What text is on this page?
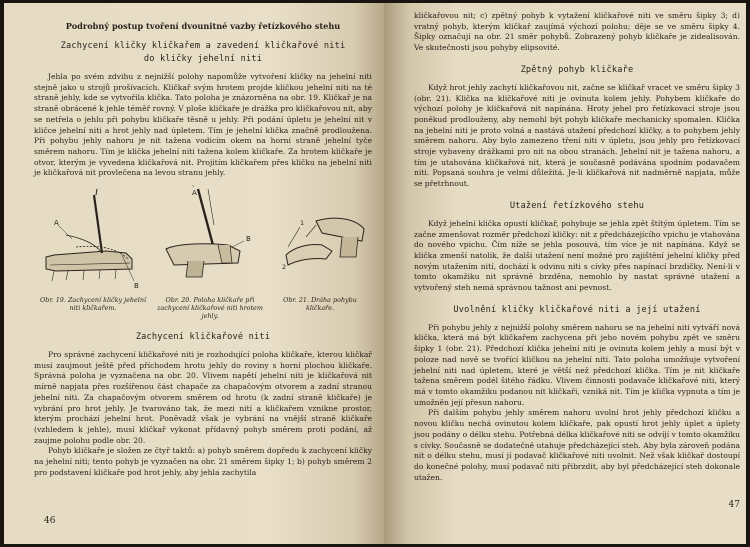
Podrobný postup tvoření dvounitné vazby řetízkového stehu
Zachycení kličky kličkařem a zavedení kličkařové niti
do kličky jehelní niti

Jehla po svém zdvihu z nejnižší polohy napomůže vytvoření kličky na jehelní niti stejně jako u strojů prošívacích. Kličkař svým hrotem projde kličkou jehelní niti na té straně jehly, kde se vytvořila klička. Tato poloha je znázorněna na obr. 19. Kličkař je na straně obrácené k jehle téměř rovný. V ploše kličkaře je drážka pro kličkařovou nit, aby se netřela o jehlu při pohybu kličkaře těsně u jehly. Při podání úpletu je jehelní nit v kličce jehelní niti a hrot jehly nad úpletem. Tím je jehelní klička značně prodloužena. Při pohybu jehly nahoru je nit tažena vodicím okem na horní straně jehelní tyče směrem nahoru. Tím je klička jehelní niti tažena kolem kličkaře. Za hrotem kličkaře je otvor, kterým je vyvedena kličkařová nit. Projitím kličkařem přes kličku na jehelní niti je kličkařová nit provlečena na levou stranu jehly.

A
B
A
B
1
2
Obr. 19. Zachycení kličky jehelní niti kličkařem.
Obr. 20. Poloha kličkaře při zachycení kličkařové niti hrotem jehly.
Obr. 21. Dráha pohybu kličkaře.
Zachycení kličkařové niti

Pro správné zachycení kličkařové niti je rozhodující poloha kličkaře, kterou kličkař musí zaujmout ještě před příchodem hrotu jehly do roviny s horní plochou kličkaře. Správná poloha je vyznačena na obr. 20. Vlivem napětí jehelní niti je kličkařová nit mírně napjata přes rozšířenou část chapače za chapačovým otvorem a zadní stranou jehelní niti. Za chapačovým otvorem směrem od hrotu (k zadní straně kličkaře) je vybrání pro hrot jehly. Je tvarováno tak, že mezi nití a kličkařem vznikne prostor, kterým prochází jehelní hrot. Poněvadž však je vybrání na vnější straně kličkaře (vzhledem k jehle), musí kličkař vykonat přídavný pohyb směrem proti podání, až zaujme polohu podle obr. 20.

Pohyb kličkaře je složen ze čtyř taktů: a) pohyb směrem dopředu k zachycení kličky na jehelní niti; tento pohyb je vyznačen na obr. 21 směrem šipky 1; b) pohyb směrem 2 pro podstavení kličkaře pod hrot jehly, aby jehla zachytila

46

kličkařovou nit; c) zpětný pohyb k vytažení kličkařové niti ve směru šipky 3; d) vratný pohyb, kterým kličkař zaujímá výchozí polohu; děje se ve směru šipky 4. Šipky označují na obr. 21 směr pohybů. Zobrazený pohyb kličkaře je zidealisován. Ve skutečnosti jsou pohyby elipsovité.

Zpětný pohyb kličkaře

Když hrot jehly zachytí kličkařovou nit, začne se kličkař vracet ve směru šipky 3 (obr. 21). Klička na kličkařové niti je ovinuta kolem jehly. Pohybem kličkaře do výchozí polohy je kličkařová nit napínána. Hroty jehel pro řetízkovací stroje jsou poněkud prodlouženy, aby nemohl být pohyb kličkaře mechanicky spomalen. Klička na jehelní niti je proto volná a nastává utažení předchozí kličky, a to pohybem jehly směrem nahoru. Aby bylo zamezeno tření niti v úpletu, jsou jehly pro řetízkovací stroje vybaveny drážkami pro nit na obou stranách. Jehelní nit je tažena nahoru, a tím je utahována kličkařová nit, která je současně podávána spodním podavačem niti. Popsaná souhra je velmi důležitá. Je-li kličkařová nit nadměrně napjata, může se přetrhnout.

Utažení řetízkového stehu

Když jehelní klička opustí kličkař, pohybuje se jehla zpět štítým úpletem. Tím se začne zmenšovat rozměr předchozí kličky: nit z předcházejícího vpichu je vtahována do nového vpichu. Čím níže se jehla posouvá, tím více je nit napínána. Když se klička zmenší natolik, že další utažení není možné pro zajištění jehelní kličky před novým utažením nití, dochází k odvinu niti s cívky přes napínací brzdičky. Není-li v tomto okamžiku nit správně brzděna, nemohlo by nastat správné utažení a vytvořený steh nemá správnou tažnost ani pevnost.

Uvolnění kličky kličkařové niti a její utažení

Při pohybu jehly z nejnižší polohy směrem nahoru se na jehelní niti vytváří nová klička, která má být kličkařem zachycena při jeho novém pohybu zpět ve směru šipky 1 (obr. 21). Předchozí klička jehelní niti je ovinuta kolem jehly a musí být v poloze nad nově se tvořící kličkou na jehelní niti. Tato poloha umožňuje vytvoření jehelní niti nad úpletem, které je větší než předchozí klička. Tím je nit kličkaře tažena směrem podél šitého řádku. Vlivem činnosti podavače kličkařové niti, který má v tomto okamžiku podanou nit kličkaři, vzniká nit. Tím je klička vypnuta a tím je umožněn její přesun nahoru.

Při dalším pohybu jehly směrem nahoru uvolní hrot jehly předchozí kličku a novou kličku nechá ovinutou kolem kličkaře, pak opustí hrot jehly úplet a úplety jsou podány o délku stehu. Potřebná délka kličkařové niti se odvíjí v tomto okamžiku s cívky. Současně se dodatečně utahuje předcházející steh. Aby byla zároveň podána nit o délku stehu, musí jí podavač kličkařové niti uvolnit. Než však kličkař dostoupí do konečné polohy, musí podavač niti přibrzdit, aby byl předcházející steh dokonale utažen.

47
